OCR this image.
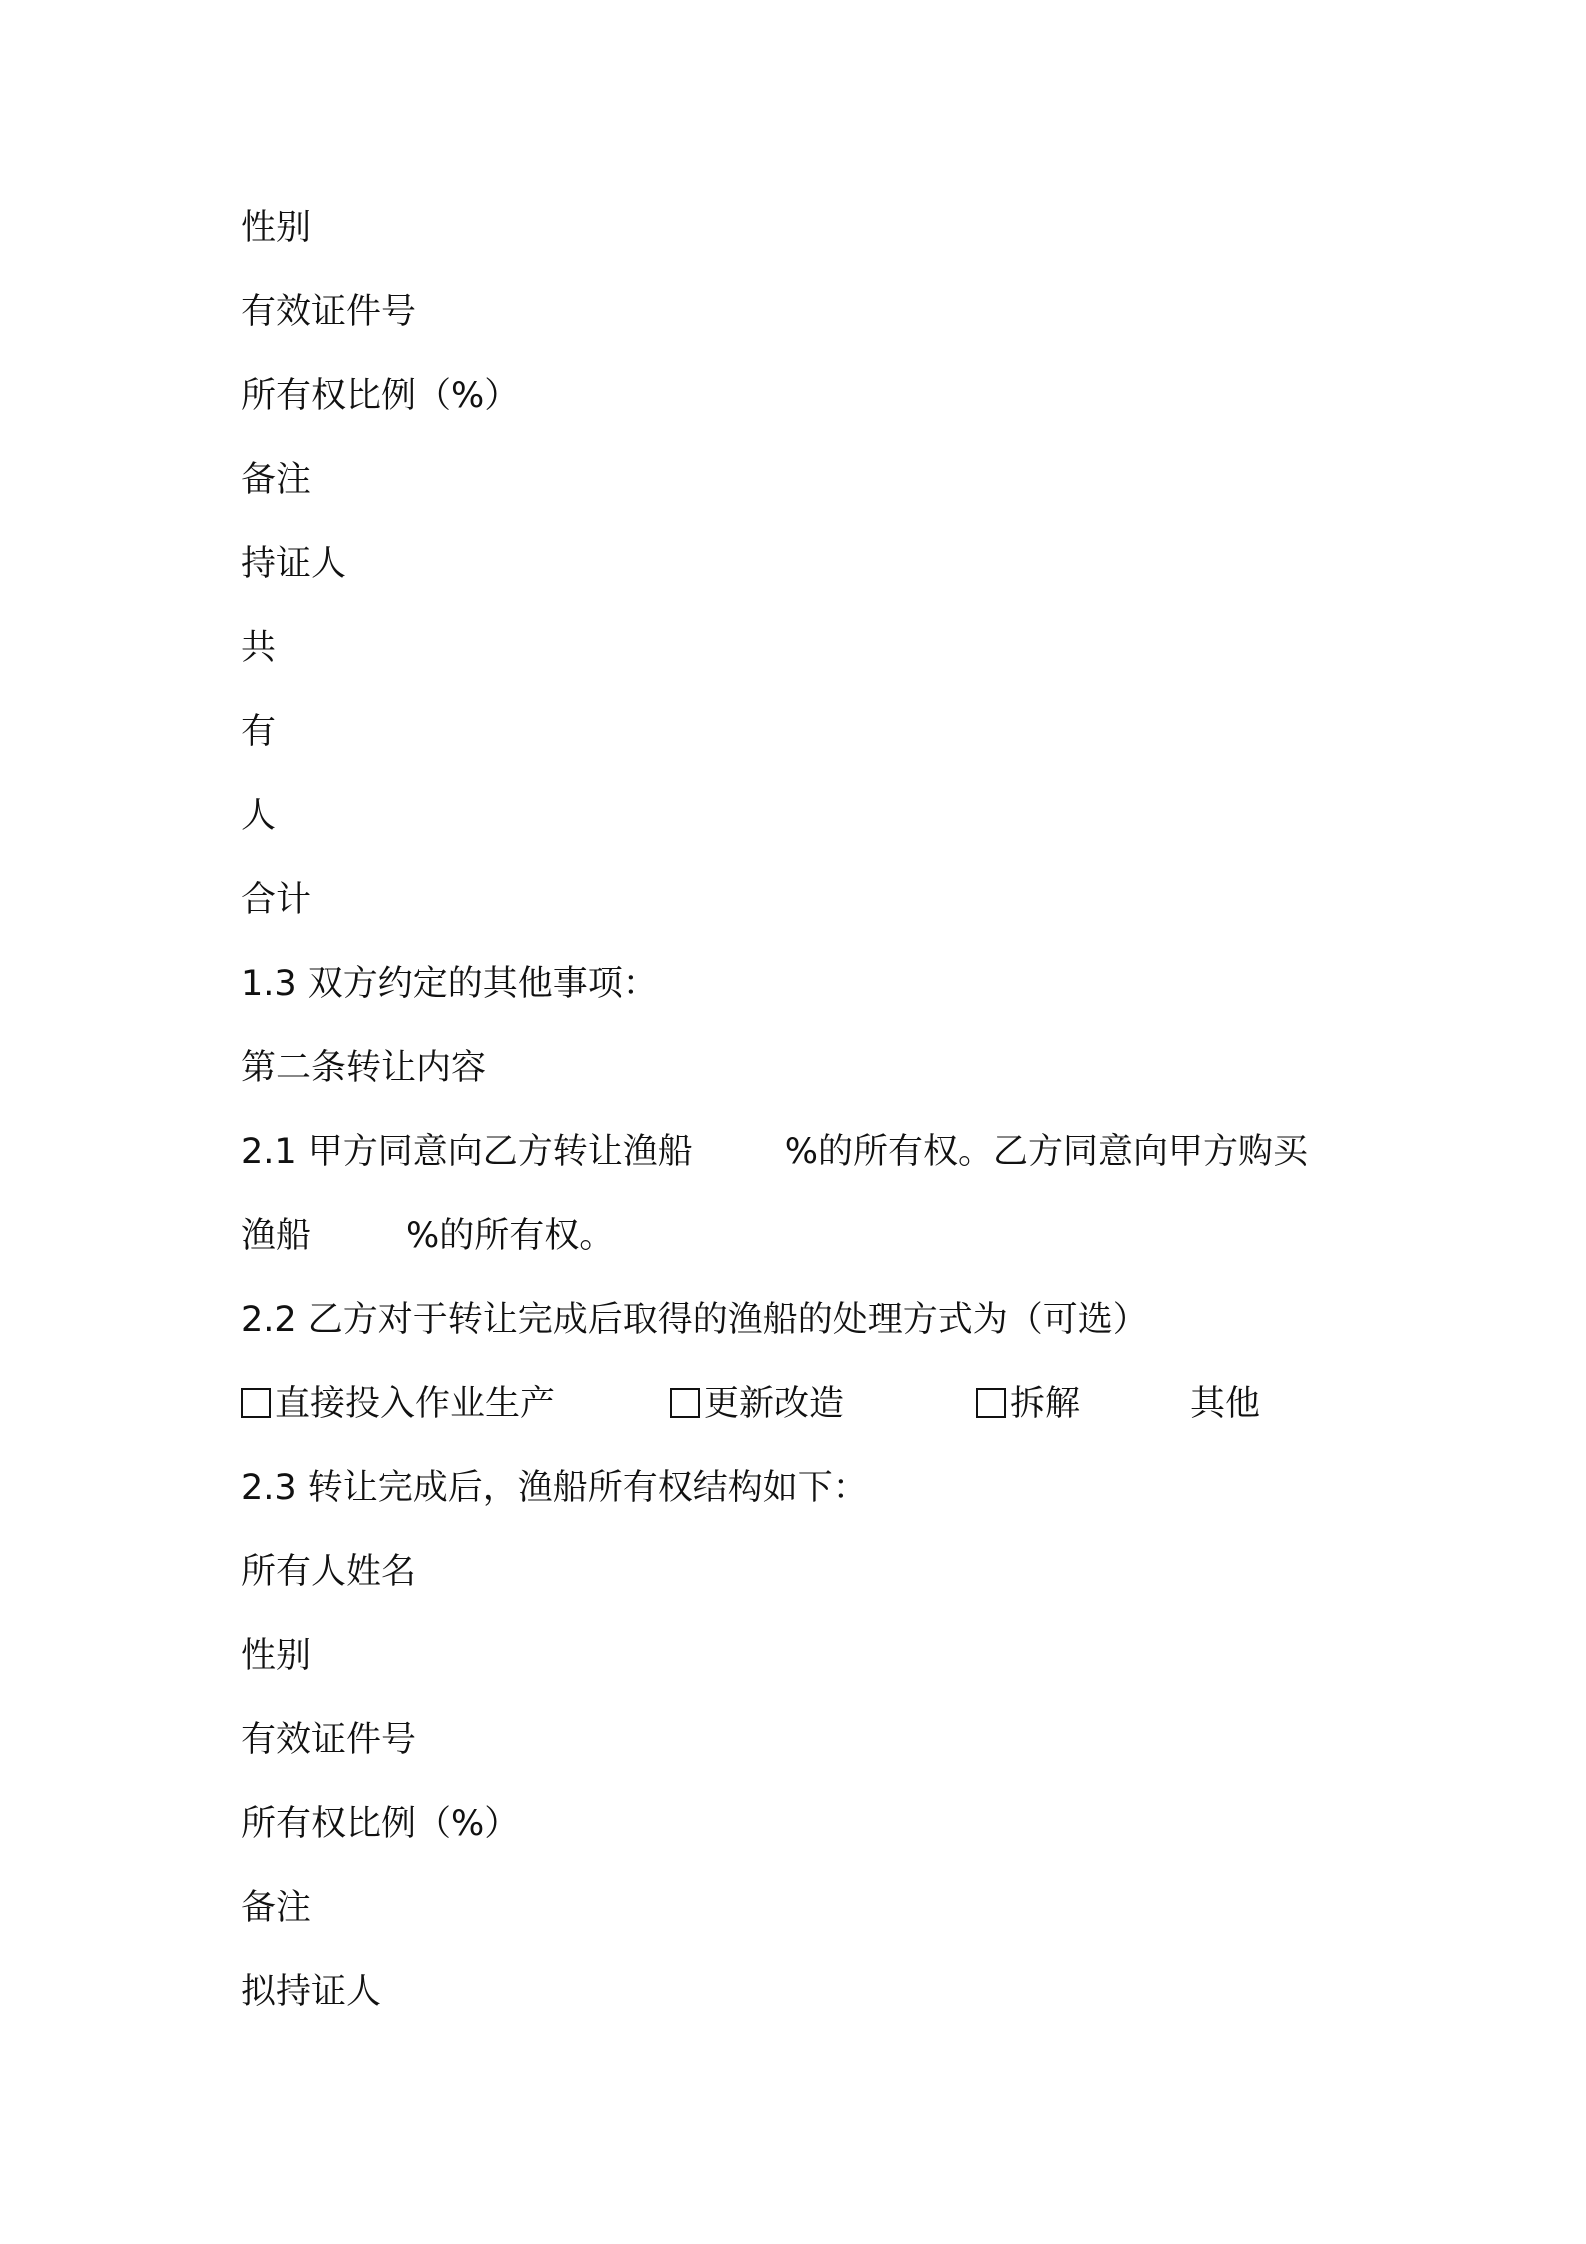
性别
有效证件号
所有权比例（%）
备注
持证人
共
有
人
合计
1.3 双方约定的其他事项：
第二条转让内容
2.1 甲方同意向乙方转让渔船	%的所有权。乙方同意向甲方购买
渔船	%的所有权。
2.2 乙方对于转让完成后取得的渔船的处理方式为（可选）
直接投入作业生产	更新改造	拆解	其他
2.3 转让完成后，渔船所有权结构如下：
所有人姓名
性别
有效证件号
所有权比例（%）
备注
拟持证人
